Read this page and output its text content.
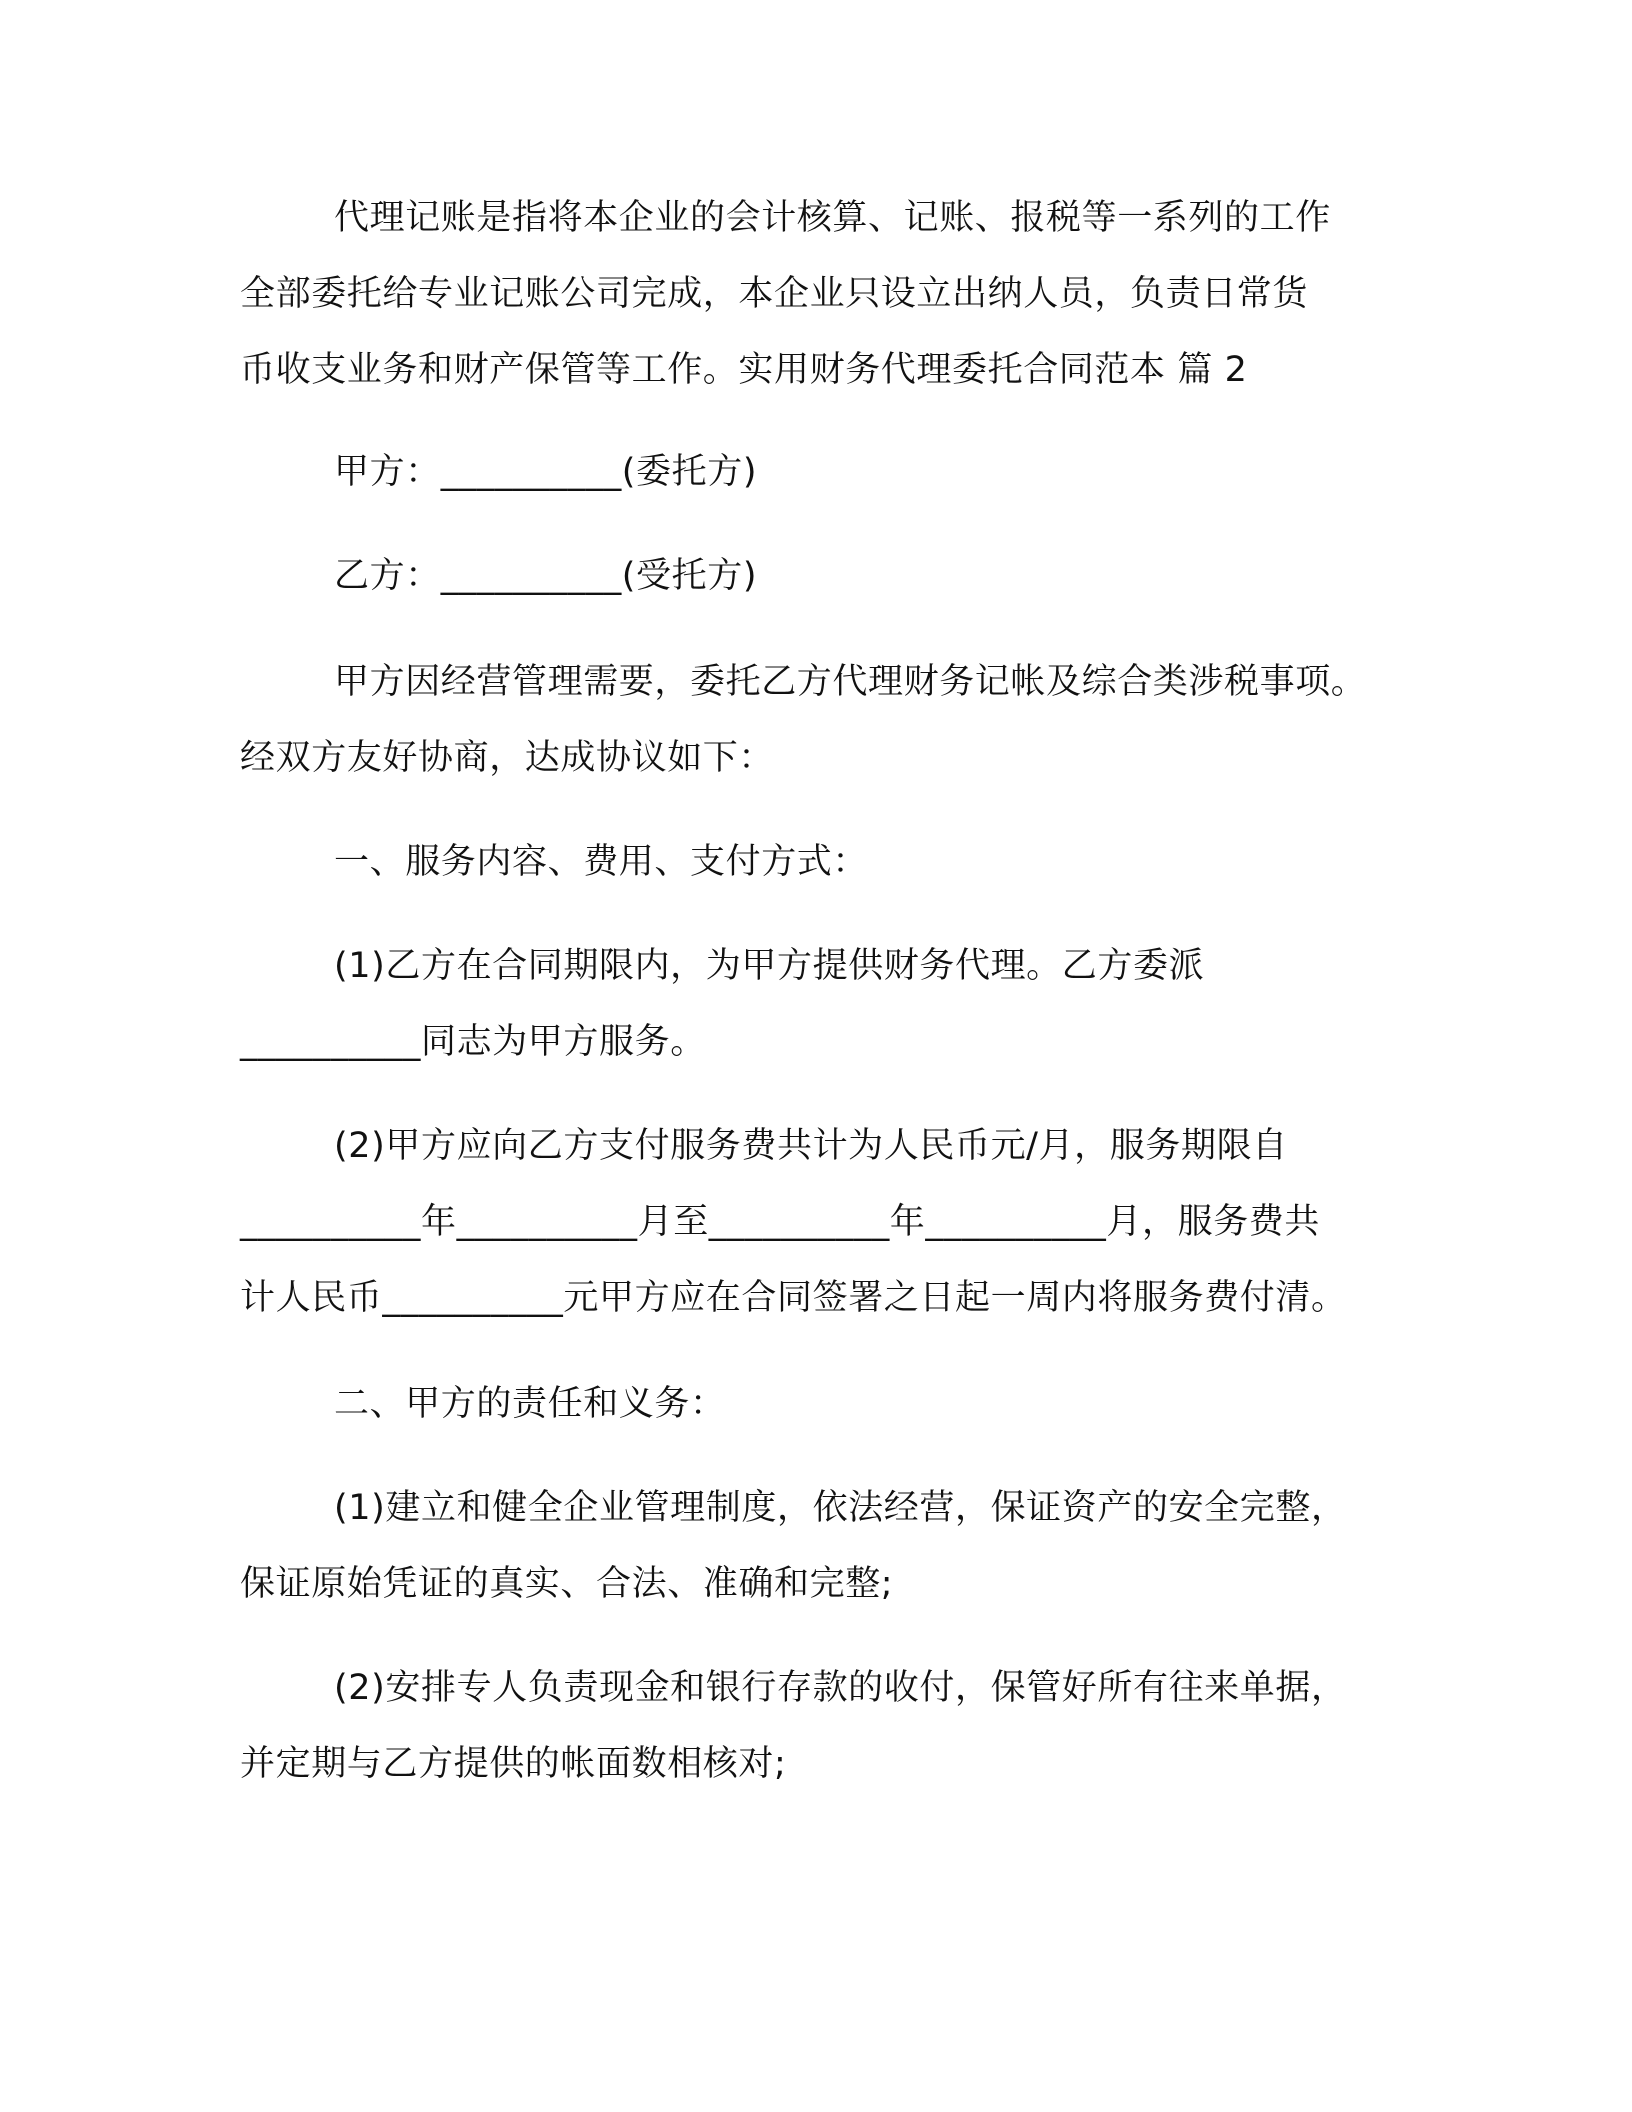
代理记账是指将本企业的会计核算、记账、报税等一系列的工作
全部委托给专业记账公司完成，本企业只设立出纳人员，负责日常货
币收支业务和财产保管等工作。实用财务代理委托合同范本 篇 2
甲方：__________(委托方)
乙方：__________(受托方)
甲方因经营管理需要，委托乙方代理财务记帐及综合类涉税事项。
经双方友好协商，达成协议如下：
一、服务内容、费用、支付方式：
(1)乙方在合同期限内，为甲方提供财务代理。乙方委派
__________同志为甲方服务。
(2)甲方应向乙方支付服务费共计为人民币元/月，服务期限自
__________年__________月至__________年__________月，服务费共
计人民币__________元甲方应在合同签署之日起一周内将服务费付清。
二、甲方的责任和义务：
(1)建立和健全企业管理制度，依法经营，保证资产的安全完整，
保证原始凭证的真实、合法、准确和完整;
(2)安排专人负责现金和银行存款的收付，保管好所有往来单据，
并定期与乙方提供的帐面数相核对;
